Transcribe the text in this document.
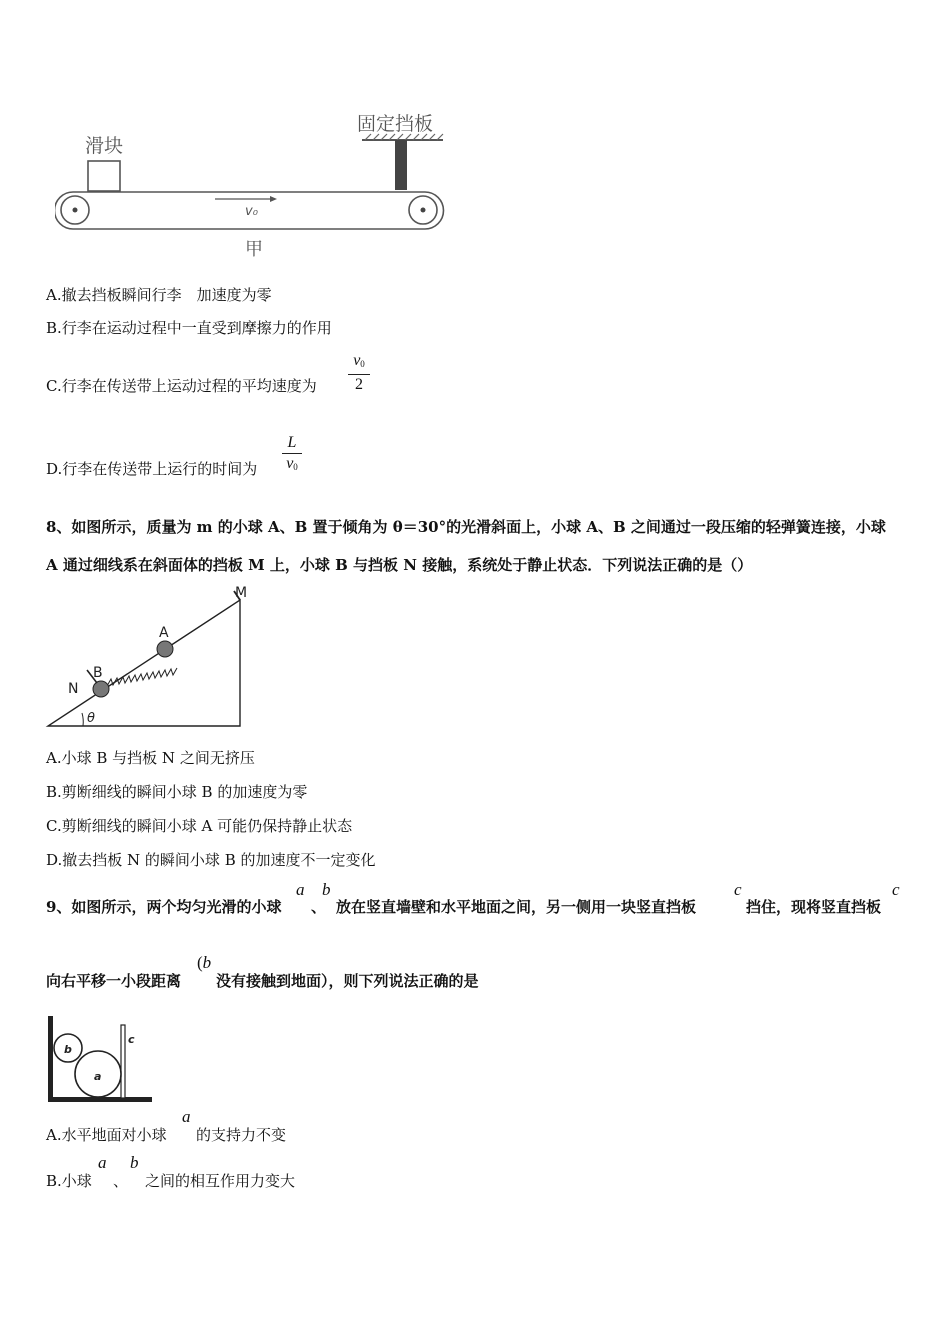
滑块
固定挡板
v₀
甲
A.撤去挡板瞬间行李　加速度为零
B.行李在运动过程中一直受到摩擦力的作用
C.行李在传送带上运动过程的平均速度为
$v_0$
2
D.行李在传送带上运行的时间为
L
$v_0$
8、如图所示，质量为 m 的小球 A、B 置于倾角为 θ＝30°的光滑斜面上，小球 A、B 之间通过一段压缩的轻弹簧连接，小球
A 通过细线系在斜面体的挡板 M 上，小球 B 与挡板 N 接触，系统处于静止状态．下列说法正确的是（）
M
A
B
N
θ
A.小球 B 与挡板 N 之间无挤压
B.剪断细线的瞬间小球 B 的加速度为零
C.剪断细线的瞬间小球 A 可能仍保持静止状态
D.撤去挡板 N 的瞬间小球 B 的加速度不一定变化
9、如图所示，两个均匀光滑的小球
a
、
b
放在竖直墙壁和水平地面之间，另一侧用一块竖直挡板
c
挡住，现将竖直挡板
c
向右平移一小段距离
(b
没有接触到地面），则下列说法正确的是
c
b
a
A.水平地面对小球
a
的支持力不变
B.小球
a
、
b
之间的相互作用力变大
